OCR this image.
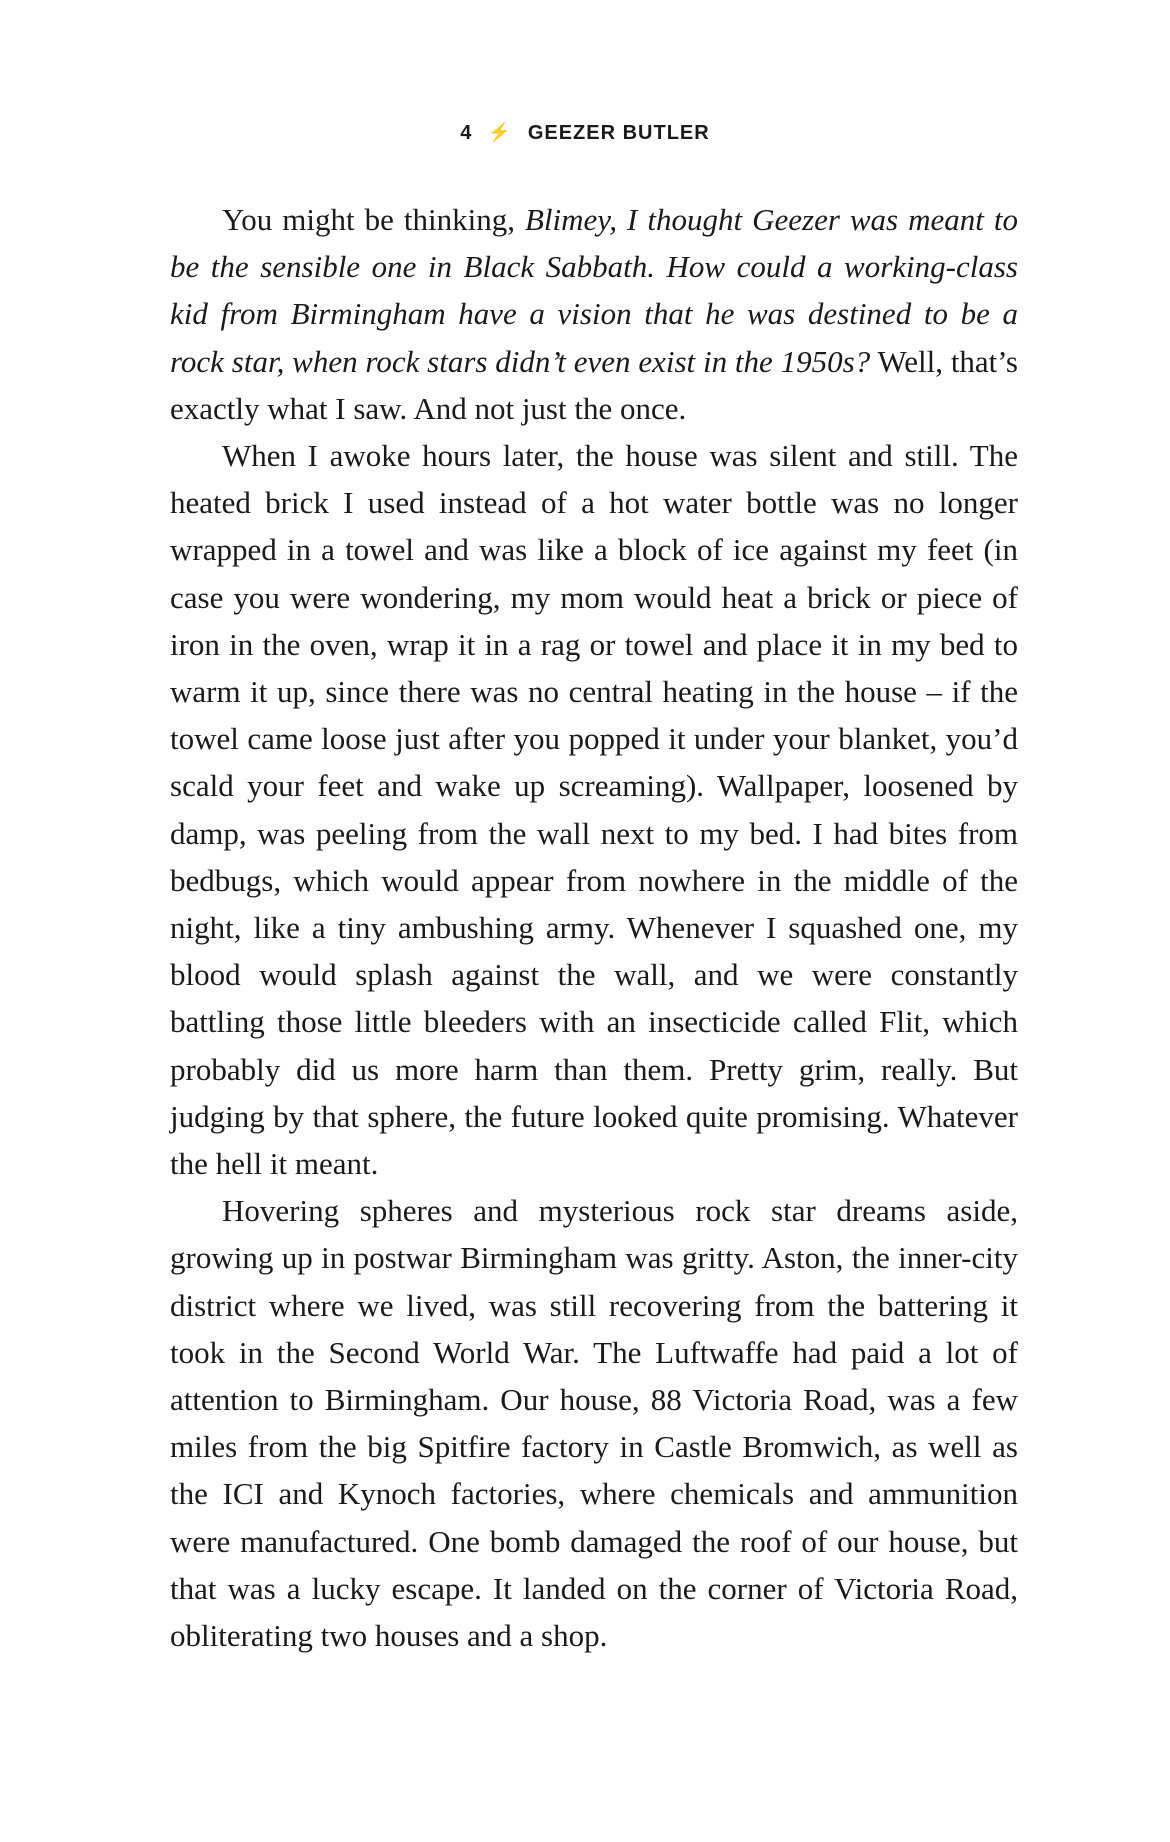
4 ⚡ GEEZER BUTLER

You might be thinking, Blimey, I thought Geezer was meant to be the sensible one in Black Sabbath. How could a working-class kid from Birmingham have a vision that he was destined to be a rock star, when rock stars didn’t even exist in the 1950s? Well, that’s exactly what I saw. And not just the once.

When I awoke hours later, the house was silent and still. The heated brick I used instead of a hot water bottle was no longer wrapped in a towel and was like a block of ice against my feet (in case you were wondering, my mom would heat a brick or piece of iron in the oven, wrap it in a rag or towel and place it in my bed to warm it up, since there was no central heating in the house – if the towel came loose just after you popped it under your blanket, you’d scald your feet and wake up screaming). Wallpaper, loosened by damp, was peeling from the wall next to my bed. I had bites from bedbugs, which would appear from nowhere in the middle of the night, like a tiny ambushing army. Whenever I squashed one, my blood would splash against the wall, and we were constantly battling those little bleeders with an insecticide called Flit, which probably did us more harm than them. Pretty grim, really. But judging by that sphere, the future looked quite promising. Whatever the hell it meant.

Hovering spheres and mysterious rock star dreams aside, growing up in postwar Birmingham was gritty. Aston, the inner-city district where we lived, was still recovering from the battering it took in the Second World War. The Luftwaffe had paid a lot of attention to Birmingham. Our house, 88 Victoria Road, was a few miles from the big Spitfire factory in Castle Bromwich, as well as the ICI and Kynoch factories, where chemicals and ammunition were manufactured. One bomb damaged the roof of our house, but that was a lucky escape. It landed on the corner of Victoria Road, obliterating two houses and a shop.
